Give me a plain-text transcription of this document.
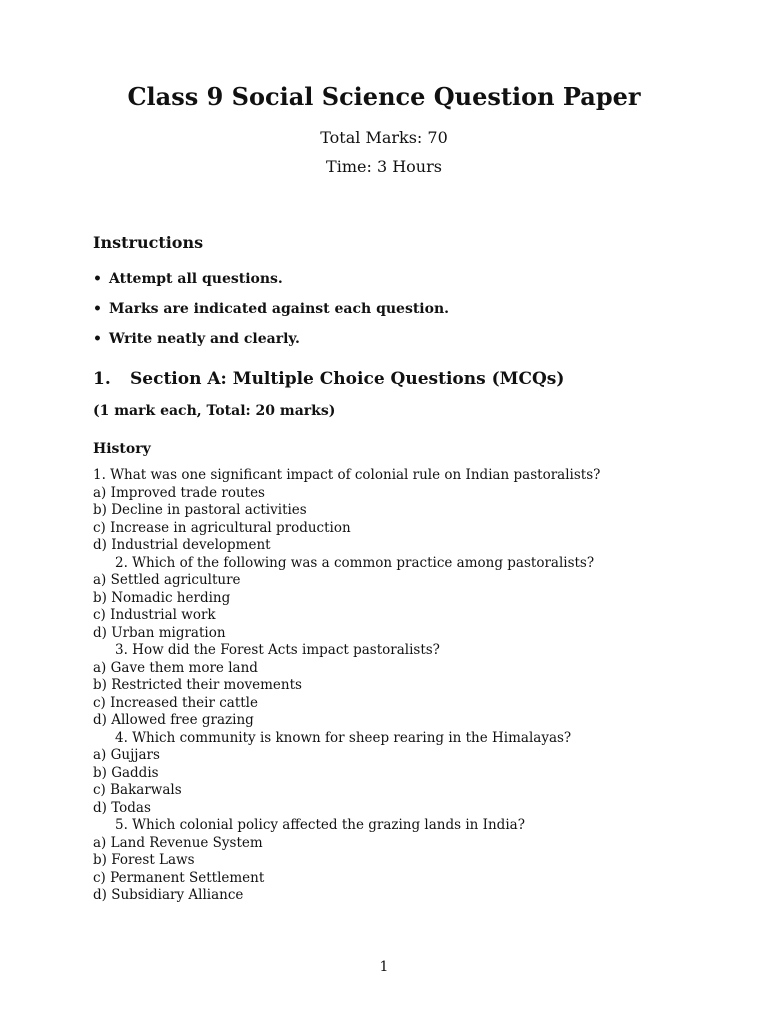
Class 9 Social Science Question Paper
Total Marks: 70
Time: 3 Hours
Instructions
• Attempt all questions.
• Marks are indicated against each question.
• Write neatly and clearly.
1. Section A: Multiple Choice Questions (MCQs)
(1 mark each, Total: 20 marks)
History
1. What was one significant impact of colonial rule on Indian pastoralists?
a) Improved trade routes
b) Decline in pastoral activities
c) Increase in agricultural production
d) Industrial development
2. Which of the following was a common practice among pastoralists?
a) Settled agriculture
b) Nomadic herding
c) Industrial work
d) Urban migration
3. How did the Forest Acts impact pastoralists?
a) Gave them more land
b) Restricted their movements
c) Increased their cattle
d) Allowed free grazing
4. Which community is known for sheep rearing in the Himalayas?
a) Gujjars
b) Gaddis
c) Bakarwals
d) Todas
5. Which colonial policy affected the grazing lands in India?
a) Land Revenue System
b) Forest Laws
c) Permanent Settlement
d) Subsidiary Alliance
1
